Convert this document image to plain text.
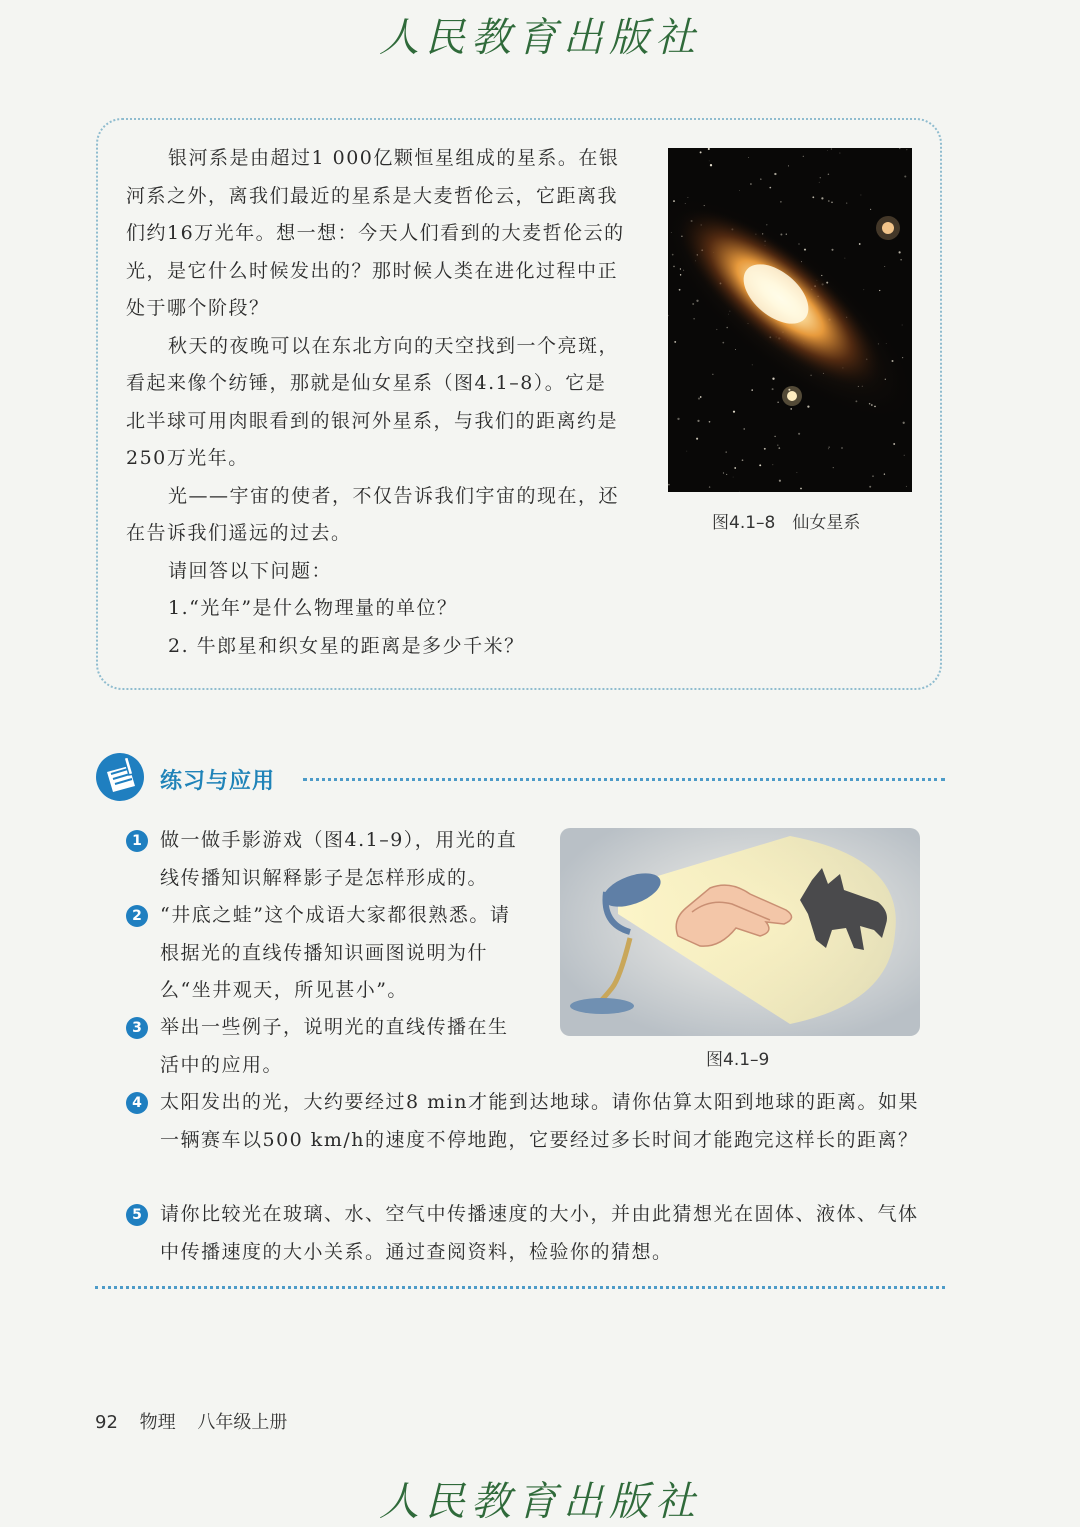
人民教育出版社

银河系是由超过1 000亿颗恒星组成的星系。在银河系之外，离我们最近的星系是大麦哲伦云，它距离我们约16万光年。想一想：今天人们看到的大麦哲伦云的光，是它什么时候发出的？那时候人类在进化过程中正处于哪个阶段？

秋天的夜晚可以在东北方向的天空找到一个亮斑，看起来像个纺锤，那就是仙女星系（图4.1–8）。它是北半球可用肉眼看到的银河外星系，与我们的距离约是250万光年。

光——宇宙的使者，不仅告诉我们宇宙的现在，还在告诉我们遥远的过去。

请回答以下问题：

1.“光年”是什么物理量的单位？

2. 牛郎星和织女星的距离是多少千米？

图4.1–8　仙女星系
练习与应用
1 做一做手影游戏（图4.1–9），用光的直线传播知识解释影子是怎样形成的。
2 “井底之蛙”这个成语大家都很熟悉。请根据光的直线传播知识画图说明为什么“坐井观天，所见甚小”。
3 举出一些例子，说明光的直线传播在生活中的应用。
4 太阳发出的光，大约要经过8 min才能到达地球。请你估算太阳到地球的距离。如果一辆赛车以500 km/h的速度不停地跑，它要经过多长时间才能跑完这样长的距离？
5 请你比较光在玻璃、水、空气中传播速度的大小，并由此猜想光在固体、液体、气体中传播速度的大小关系。通过查阅资料，检验你的猜想。
图4.1–9
92 物理 八年级上册
人民教育出版社
